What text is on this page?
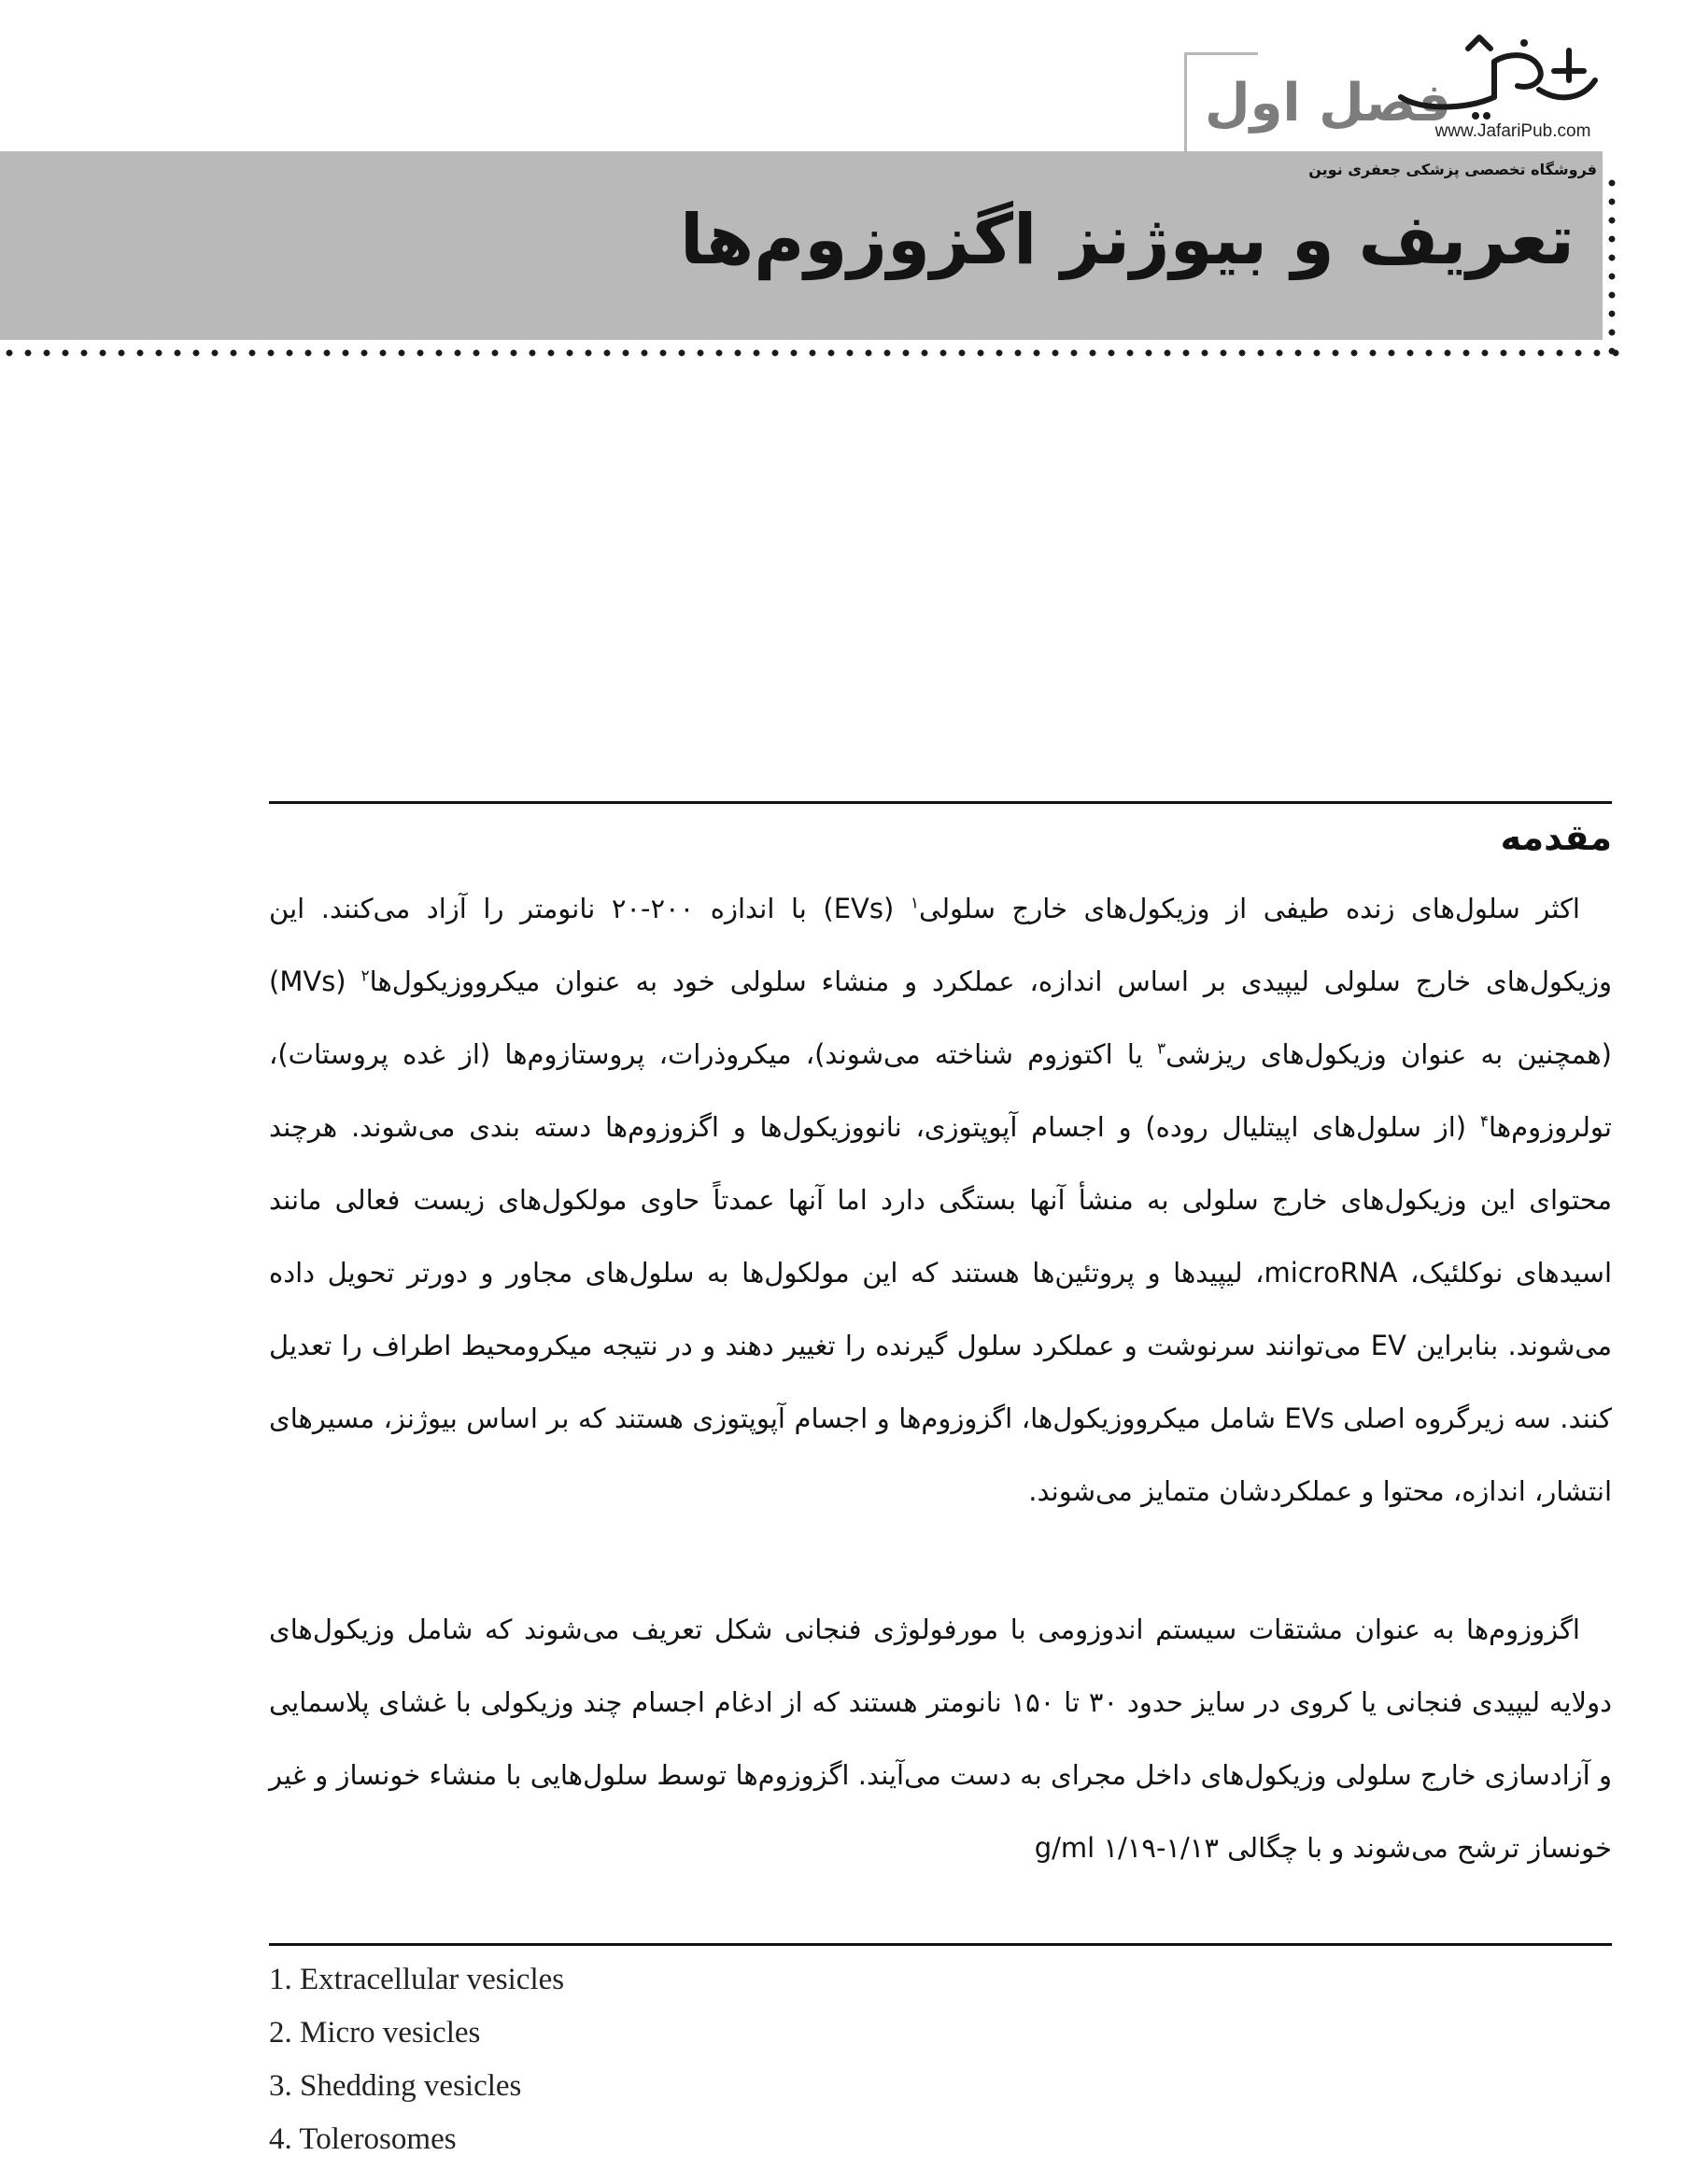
فصل اول
www.JafariPub.com
فروشگاه تخصصی پزشکی جعفری نوین
تعریف و بیوژنز اگزوزوم‌ها
مقدمه

اکثر سلول‌های زنده طیفی از وزیکول‌های خارج سلولی$^۱$ (EVs) با اندازه ۲۰۰-۲۰ نانومتر را آزاد می‌کنند. این وزیکول‌های خارج سلولی لیپیدی بر اساس اندازه، عملکرد و منشاء سلولی خود به عنوان میکرووزیکول‌ها$^۲$ (MVs) (همچنین به عنوان وزیکول‌های ریزشی$^۳$ یا اکتوزوم شناخته می‌شوند)، میکروذرات، پروستازوم‌ها (از غده پروستات)، تولروزوم‌ها$^۴$ (از سلول‌های اپیتلیال روده) و اجسام آپوپتوزی، نانووزیکول‌ها و اگزوزوم‌ها دسته بندی می‌شوند. هرچند محتوای این وزیکول‌های خارج سلولی به منشأ آنها بستگی دارد اما آنها عمدتاً حاوی مولکول‌های زیست فعالی مانند اسیدهای نوکلئیک، microRNA، لیپیدها و پروتئین‌ها هستند که این مولکول‌ها به سلول‌های مجاور و دورتر تحویل داده می‌شوند. بنابراین EV می‌توانند سرنوشت و عملکرد سلول گیرنده را تغییر دهند و در نتیجه میکرومحیط اطراف را تعدیل کنند. سه زیرگروه اصلی EVs شامل میکرووزیکول‌ها، اگزوزوم‌ها و اجسام آپوپتوزی هستند که بر اساس بیوژنز، مسیرهای انتشار، اندازه، محتوا و عملکردشان متمایز می‌شوند.

اگزوزوم‌ها به عنوان مشتقات سیستم اندوزومی با مورفولوژی فنجانی شکل تعریف می‌شوند که شامل وزیکول‌های دولایه لیپیدی فنجانی یا کروی در سایز حدود ۳۰ تا ۱۵۰ نانومتر هستند که از ادغام اجسام چند وزیکولی با غشای پلاسمایی و آزادسازی خارج سلولی وزیکول‌های داخل مجرای به دست می‌آیند. اگزوزوم‌ها توسط سلول‌هایی با منشاء خونساز و غیر خونساز ترشح می‌شوند و با چگالی g/ml ۱/۱۹-۱/۱۳

1. Extracellular vesicles
2. Micro vesicles
3. Shedding vesicles
4. Tolerosomes
